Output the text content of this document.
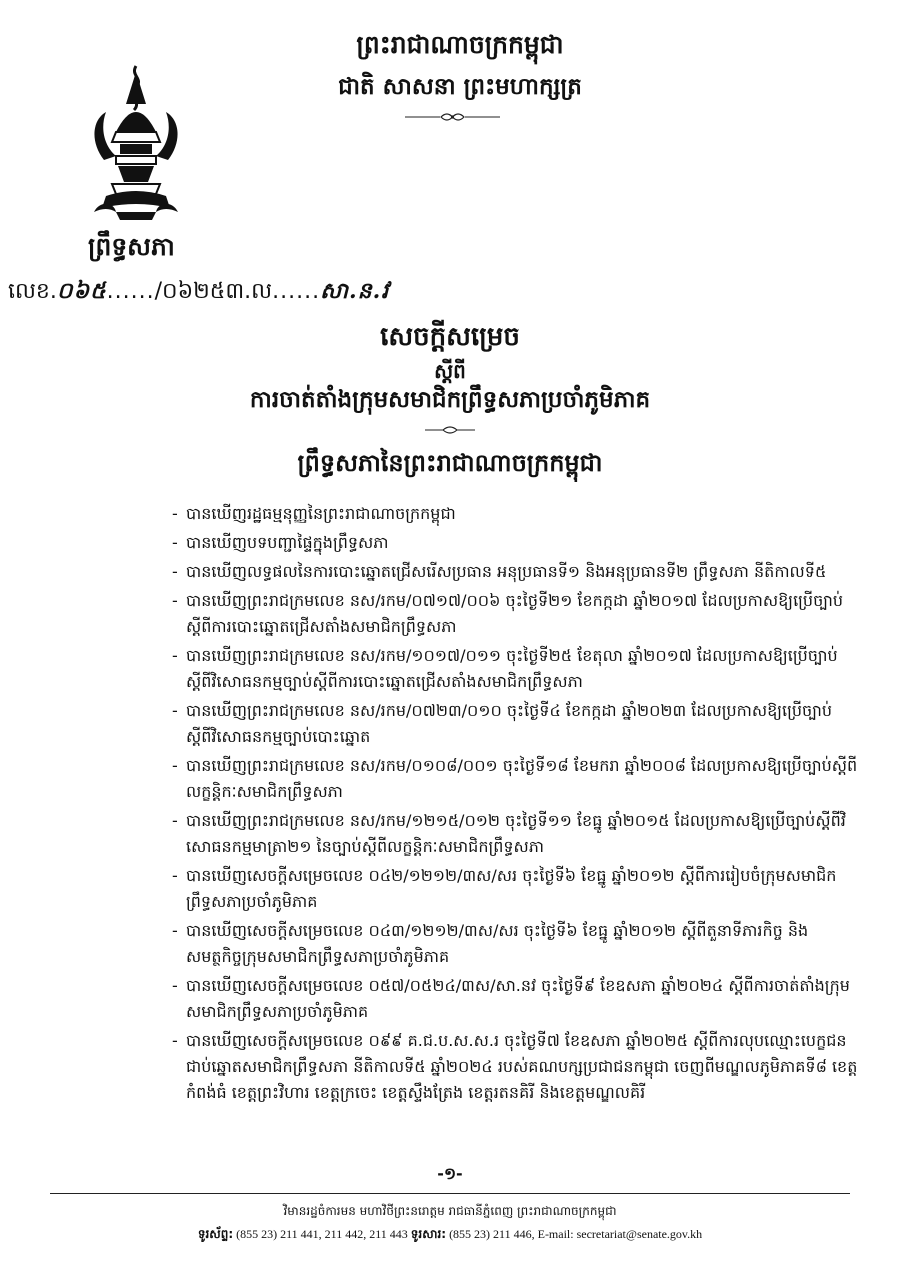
ព្រះរាជាណាចក្រកម្ពុជា
ជាតិ សាសនា ព្រះមហាក្សត្រ
ព្រឹទ្ធសភា
លេខ.០៦៥....../០៦២៥៣.ល......សា.ន.វ
សេចក្តីសម្រេច
ស្តីពី
ការចាត់តាំងក្រុមសមាជិកព្រឹទ្ធសភាប្រចាំភូមិភាគ
ព្រឹទ្ធសភានៃព្រះរាជាណាចក្រកម្ពុជា
- បានឃើញរដ្ឋធម្មនុញ្ញនៃព្រះរាជាណាចក្រកម្ពុជា
- បានឃើញបទបញ្ជាផ្ទៃក្នុងព្រឹទ្ធសភា
- បានឃើញលទ្ធផលនៃការបោះឆ្នោតជ្រើសរើសប្រធាន អនុប្រធានទី១ និងអនុប្រធានទី២ ព្រឹទ្ធសភា នីតិកាលទី៥
- បានឃើញព្រះរាជក្រមលេខ នស/រកម/០៧១៧/០០៦ ចុះថ្ងៃទី២១ ខែកក្កដា ឆ្នាំ២០១៧ ដែលប្រកាសឱ្យប្រើច្បាប់ស្តីពីការបោះឆ្នោតជ្រើសតាំងសមាជិកព្រឹទ្ធសភា
- បានឃើញព្រះរាជក្រមលេខ នស/រកម/១០១៧/០១១ ចុះថ្ងៃទី២៥ ខែតុលា ឆ្នាំ២០១៧ ដែលប្រកាសឱ្យប្រើច្បាប់ស្តីពីវិសោធនកម្មច្បាប់ស្តីពីការបោះឆ្នោតជ្រើសតាំងសមាជិកព្រឹទ្ធសភា
- បានឃើញព្រះរាជក្រមលេខ នស/រកម/០៧២៣/០១០ ចុះថ្ងៃទី៤ ខែកក្កដា ឆ្នាំ២០២៣ ដែលប្រកាសឱ្យប្រើច្បាប់ស្តីពីវិសោធនកម្មច្បាប់បោះឆ្នោត
- បានឃើញព្រះរាជក្រមលេខ នស/រកម/០១០៨/០០១ ចុះថ្ងៃទី១៨ ខែមករា ឆ្នាំ២០០៨ ដែលប្រកាសឱ្យប្រើច្បាប់ស្តីពីលក្ខន្តិកៈសមាជិកព្រឹទ្ធសភា
- បានឃើញព្រះរាជក្រមលេខ នស/រកម/១២១៥/០១២ ចុះថ្ងៃទី១១ ខែធ្នូ ឆ្នាំ២០១៥ ដែលប្រកាសឱ្យប្រើច្បាប់ស្តីពីវិសោធនកម្មមាត្រា២១ នៃច្បាប់ស្តីពីលក្ខន្តិកៈសមាជិកព្រឹទ្ធសភា
- បានឃើញសេចក្តីសម្រេចលេខ ០៤២/១២១២/៣ស/សរ ចុះថ្ងៃទី៦ ខែធ្នូ ឆ្នាំ២០១២ ស្តីពីការរៀបចំក្រុមសមាជិកព្រឹទ្ធសភាប្រចាំភូមិភាគ
- បានឃើញសេចក្តីសម្រេចលេខ ០៤៣/១២១២/៣ស/សរ ចុះថ្ងៃទី៦ ខែធ្នូ ឆ្នាំ២០១២ ស្តីពីតួនាទីភារកិច្ច និងសមត្ថកិច្ចក្រុមសមាជិកព្រឹទ្ធសភាប្រចាំភូមិភាគ
- បានឃើញសេចក្តីសម្រេចលេខ ០៥៧/០៥២៤/៣ស/សា.នវ ចុះថ្ងៃទី៩ ខែឧសភា ឆ្នាំ២០២៤ ស្តីពីការចាត់តាំងក្រុមសមាជិកព្រឹទ្ធសភាប្រចាំភូមិភាគ
- បានឃើញសេចក្តីសម្រេចលេខ ០៩៩ គ.ជ.ប.ស.ស.រ ចុះថ្ងៃទី៧ ខែឧសភា ឆ្នាំ២០២៥ ស្តីពីការលុបឈ្មោះបេក្ខជនជាប់ឆ្នោតសមាជិកព្រឹទ្ធសភា នីតិកាលទី៥ ឆ្នាំ២០២៤ របស់គណបក្សប្រជាជនកម្ពុជា ចេញពីមណ្ឌលភូមិភាគទី៨ ខេត្តកំពង់ធំ ខេត្តព្រះវិហារ ខេត្តក្រចេះ ខេត្តស្ទឹងត្រែង ខេត្តរតនគិរី និងខេត្តមណ្ឌលគិរី
-១-
វិមានរដ្ឋចំការមន មហាវិថីព្រះនរោត្តម រាជធានីភ្នំពេញ ព្រះរាជាណាចក្រកម្ពុជា
ទូរស័ព្ទ: (855 23) 211 441, 211 442, 211 443 ទូរសារ: (855 23) 211 446, E-mail: secretariat@senate.gov.kh
